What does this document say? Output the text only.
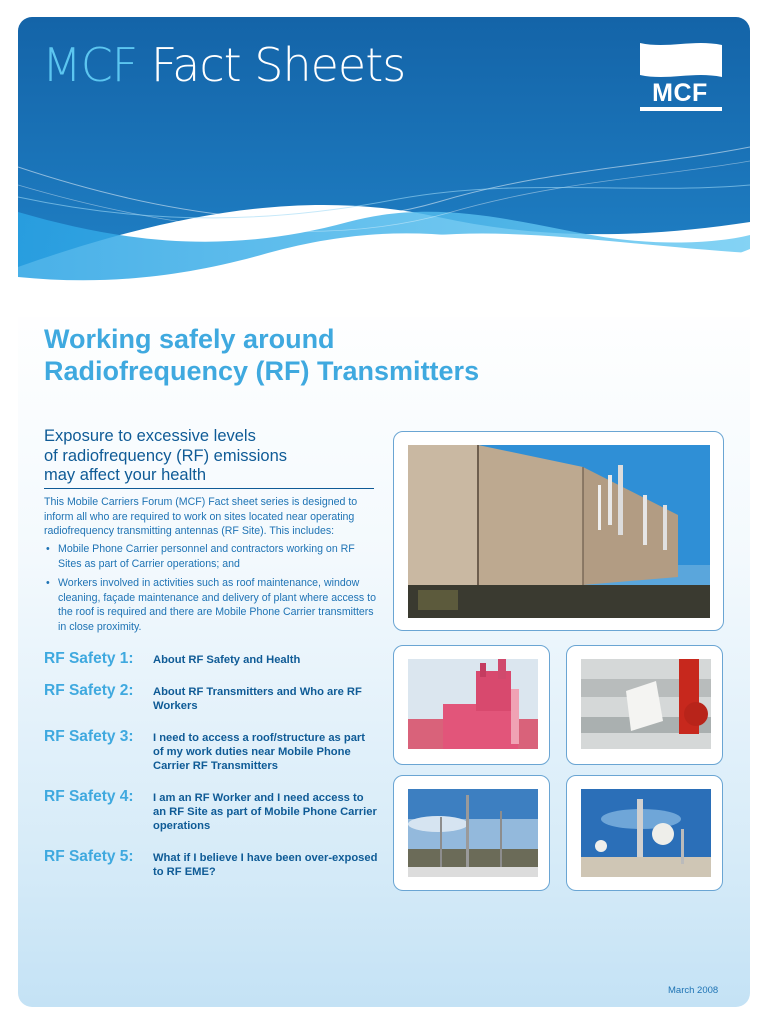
MCF Fact Sheets
MCF
Working safely around
Radiofrequency (RF) Transmitters
Exposure to excessive levels
of radiofrequency (RF) emissions
may affect your health

This Mobile Carriers Forum (MCF) Fact sheet series is designed to inform all who are required to work on sites located near operating radiofrequency transmitting antennas (RF Site). This includes:

• Mobile Phone Carrier personnel and contractors working on RF Sites as part of Carrier operations; and
• Workers involved in activities such as roof maintenance, window cleaning, façade maintenance and delivery of plant where access to the roof is required and there are Mobile Phone Carrier transmitters in close proximity.
RF Safety 1: About RF Safety and Health
RF Safety 2: About RF Transmitters and Who are RF Workers
RF Safety 3: I need to access a roof/structure as part of my work duties near Mobile Phone Carrier RF Transmitters
RF Safety 4: I am an RF Worker and I need access to an RF Site as part of Mobile Phone Carrier operations
RF Safety 5: What if I believe I have been over-exposed to RF EME?
March 2008
